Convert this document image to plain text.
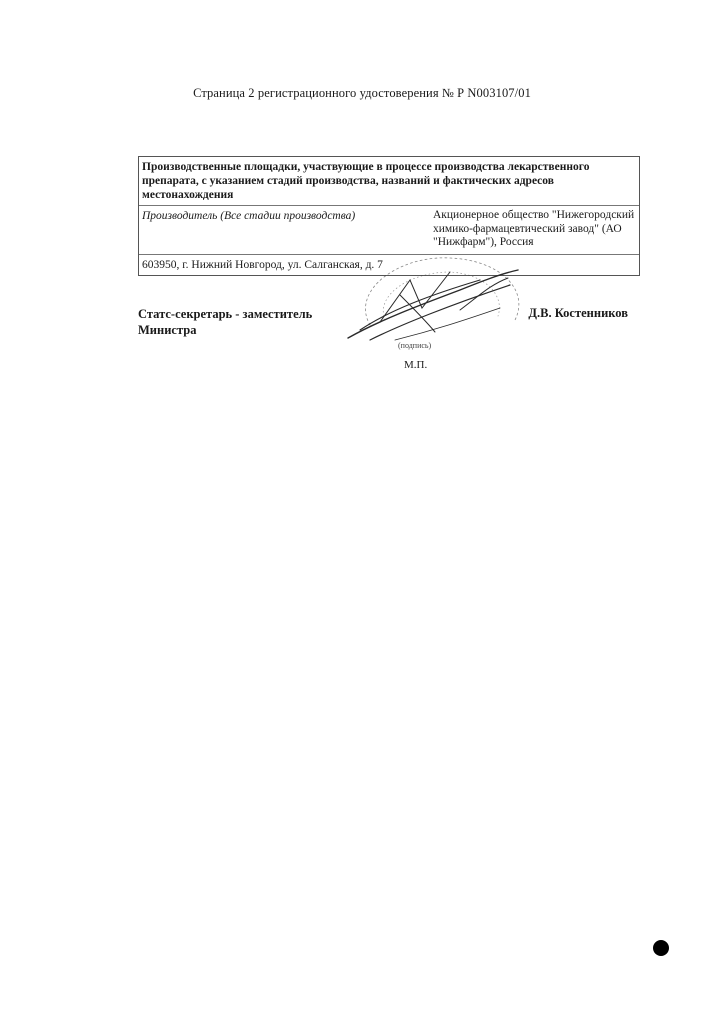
Страница 2 регистрационного удостоверения № Р N003107/01
Производственные площадки, участвующие в процессе производства лекарственного препарата, с указанием стадий производства, названий и фактических адресов местонахождения
Производитель (Все стадии производства)	Акционерное общество "Нижегородский химико-фармацевтический завод" (АО "Нижфарм"), Россия
603950, г. Нижний Новгород, ул. Салганская, д. 7
Статс-секретарь - заместитель Министра
Д.В. Костенников
(подпись)
М.П.
